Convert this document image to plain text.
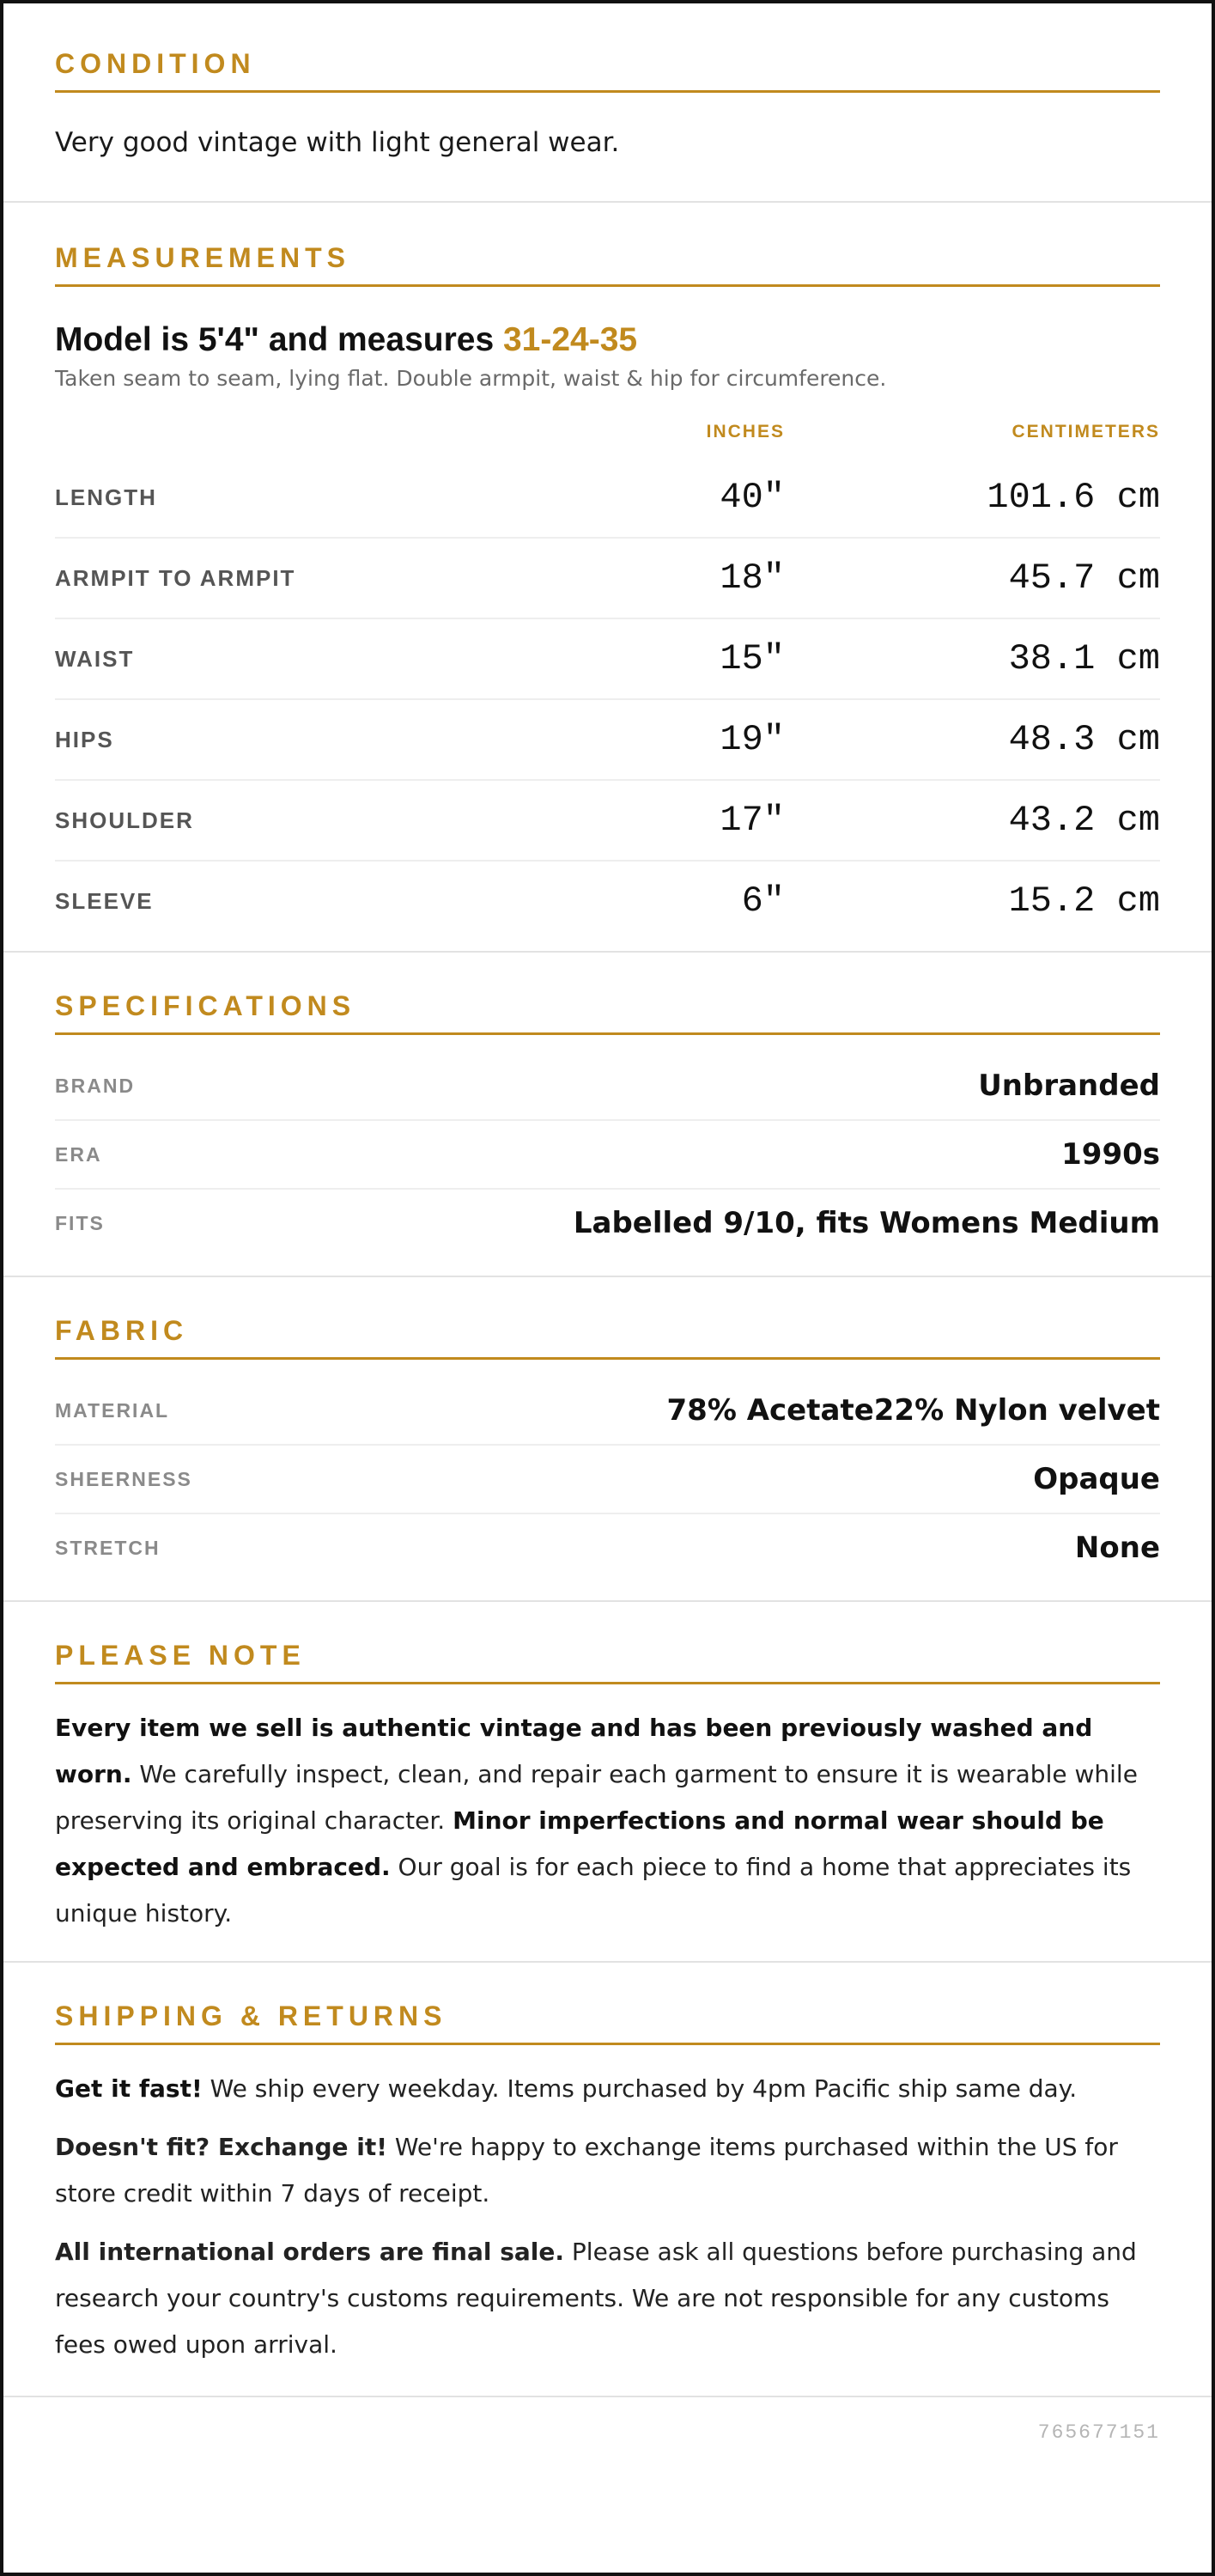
CONDITION

Very good vintage with light general wear.

MEASUREMENTS
Model is 5'4" and measures 31-24-35

Taken seam to seam, lying flat. Double armpit, waist & hip for circumference.

INCHES	CENTIMETERS
LENGTH	40"	101.6 cm
ARMPIT TO ARMPIT	18"	45.7 cm
WAIST	15"	38.1 cm
HIPS	19"	48.3 cm
SHOULDER	17"	43.2 cm
SLEEVE	6"	15.2 cm
SPECIFICATIONS
BRAND	Unbranded
ERA	1990s
FITS	Labelled 9/10, fits Womens Medium
FABRIC
MATERIAL	78% Acetate22% Nylon velvet
SHEERNESS	Opaque
STRETCH	None
PLEASE NOTE

Every item we sell is authentic vintage and has been previously washed and worn. We carefully inspect, clean, and repair each garment to ensure it is wearable while preserving its original character. Minor imperfections and normal wear should be expected and embraced. Our goal is for each piece to find a home that appreciates its unique history.

SHIPPING & RETURNS

Get it fast! We ship every weekday. Items purchased by 4pm Pacific ship same day.

Doesn't fit? Exchange it! We're happy to exchange items purchased within the US for store credit within 7 days of receipt.

All international orders are final sale. Please ask all questions before purchasing and research your country's customs requirements. We are not responsible for any customs fees owed upon arrival.

765677151
